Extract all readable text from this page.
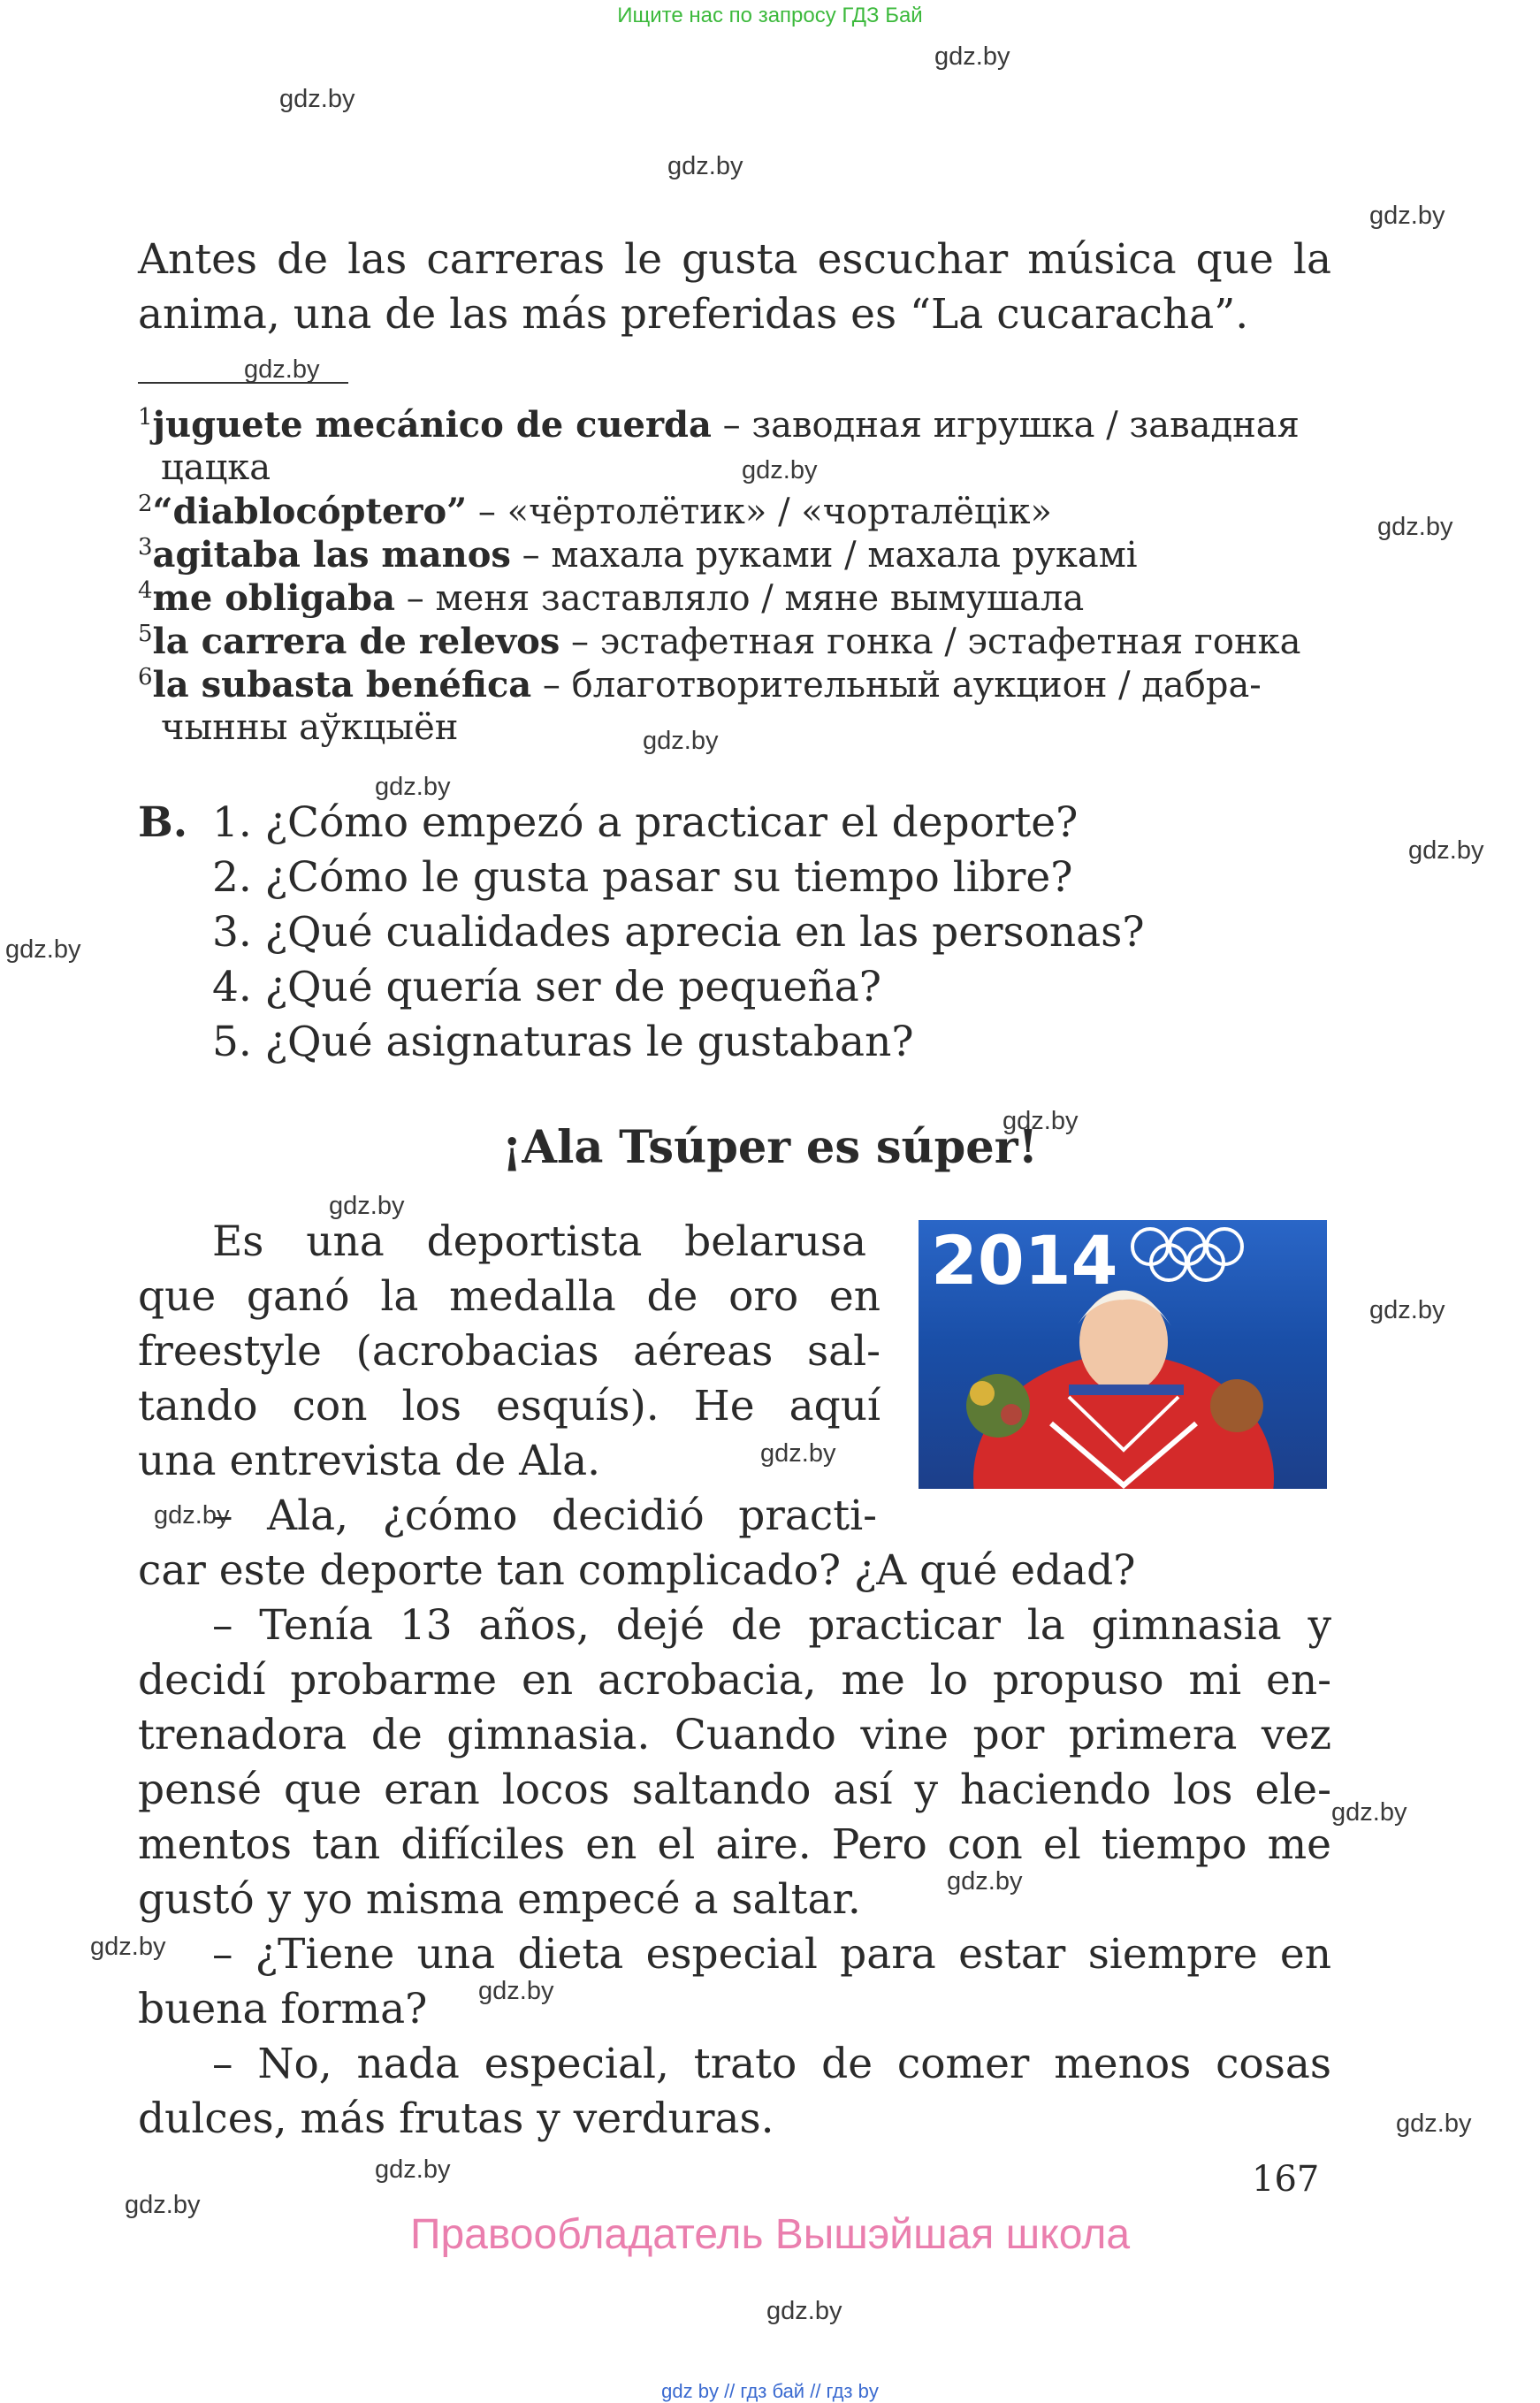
Ищите нас по запросу ГДЗ Бай
gdz.by
gdz.by
gdz.by
gdz.by
gdz.by
gdz.by
gdz.by
gdz.by
gdz.by
gdz.by
gdz.by
gdz.by
gdz.by
gdz.by
gdz.by
gdz.by
gdz.by
gdz.by
gdz.by
gdz.by
gdz.by
gdz.by
gdz.by
gdz.by
Antes de las carreras le gusta escuchar música que la
anima, una de las más preferidas es “La cucaracha”.
$^1$juguete mecánico de cuerda – заводная игрушка / завадная
цацка
$^2$“diablocóptero” – «чёртолётик» / «чорталёцік»
$^3$agitaba las manos – махала руками / махала рукамі
$^4$me obligaba – меня заставляло / мяне вымушала
$^5$la carrera de relevos – эстафетная гонка / эстафетная гонка
$^6$la subasta benéfica – благотворительный аукцион / дабра-
чынны аўкцыён
B. 1. ¿Cómo empezó a practicar el deporte?
2. ¿Cómo le gusta pasar su tiempo libre?
3. ¿Qué cualidades aprecia en las personas?
4. ¿Qué quería ser de pequeña?
5. ¿Qué asignaturas le gustaban?
¡Ala Tsúper es súper!
2014
Es una deportista belarusa
que ganó la medalla de oro en
freestyle (acrobacias aéreas sal-
tando con los esquís). He aquí
una entrevista de Ala.
– Ala, ¿cómo decidió practi-
car este deporte tan complicado? ¿A qué edad?
– Tenía 13 años, dejé de practicar la gimnasia y
decidí probarme en acrobacia, me lo propuso mi en-
trenadora de gimnasia. Cuando vine por primera vez
pensé que eran locos saltando así y haciendo los ele-
mentos tan difíciles en el aire. Pero con el tiempo me
gustó y yo misma empecé a saltar.
– ¿Tiene una dieta especial para estar siempre en
buena forma?
– No, nada especial, trato de comer menos cosas
dulces, más frutas y verduras.
167
Правообладатель Вышэйшая школа
gdz by // гдз бай // гдз by
